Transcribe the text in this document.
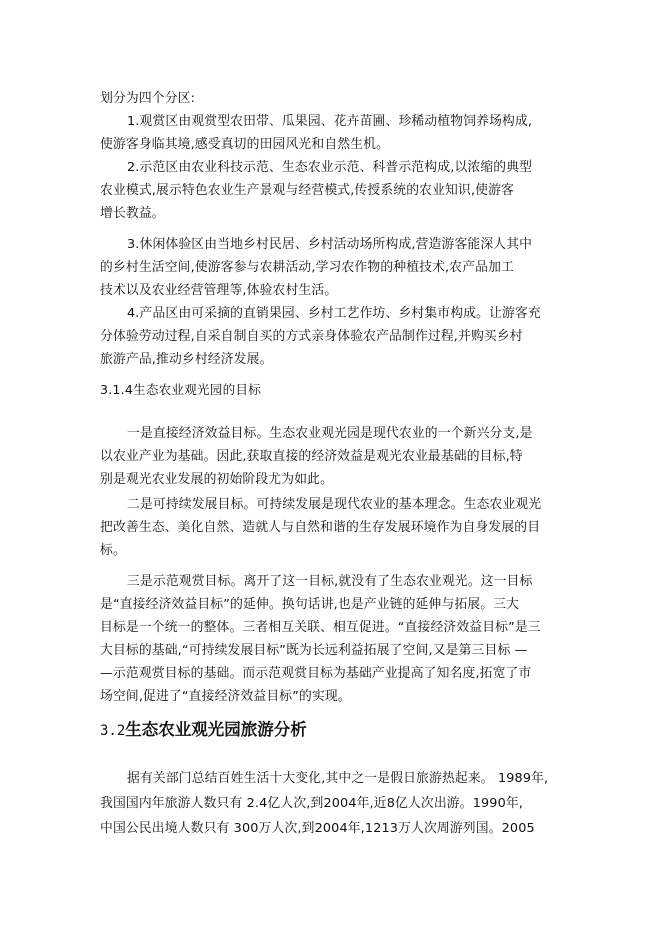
划分为四个分区:
1.观赏区由观赏型农田带、瓜果园、花卉苗圃、珍稀动植物饲养场构成,
使游客身临其境,感受真切的田园风光和自然生机。
2.示范区由农业科技示范、生态农业示范、科普示范构成,以浓缩的典型
农业模式,展示特色农业生产景观与经营模式,传授系统的农业知识,使游客
增长教益。
3.休闲体验区由当地乡村民居、乡村活动场所构成,营造游客能深人其中
的乡村生活空间,使游客参与农耕活动,学习农作物的种植技术,农产品加工
技术以及农业经营管理等,体验农村生活。
4.产品区由可采摘的直销果园、乡村工艺作坊、乡村集市构成。让游客充
分体验劳动过程,自采自制自买的方式亲身体验农产品制作过程,并购买乡村
旅游产品,推动乡村经济发展。
3.1.4生态农业观光园的目标
一是直接经济效益目标。生态农业观光园是现代农业的一个新兴分支,是
以农业产业为基础。因此,获取直接的经济效益是观光农业最基础的目标,特
别是观光农业发展的初始阶段尤为如此。
二是可持续发展目标。可持续发展是现代农业的基本理念。生态农业观光
把改善生态、美化自然、造就人与自然和谐的生存发展环境作为自身发展的目
标。
三是示范观赏目标。离开了这一目标,就没有了生态农业观光。这一目标
是“直接经济效益目标”的延伸。换句话讲,也是产业链的延伸与拓展。三大
目标是一个统一的整体。三者相互关联、相互促进。“直接经济效益目标”是三
大目标的基础,“可持续发展目标”既为长远利益拓展了空间,又是第三目标 —
—示范观赏目标的基础。而示范观赏目标为基础产业提高了知名度,拓宽了市
场空间,促进了“直接经济效益目标”的实现。
3.2生态农业观光园旅游分析
据有关部门总结百姓生活十大变化,其中之一是假日旅游热起来。 1989年,
我国国内年旅游人数只有 2.4亿人次,到2004年,近8亿人次出游。1990年,
中国公民出境人数只有 300万人次,到2004年,1213万人次周游列国。2005
